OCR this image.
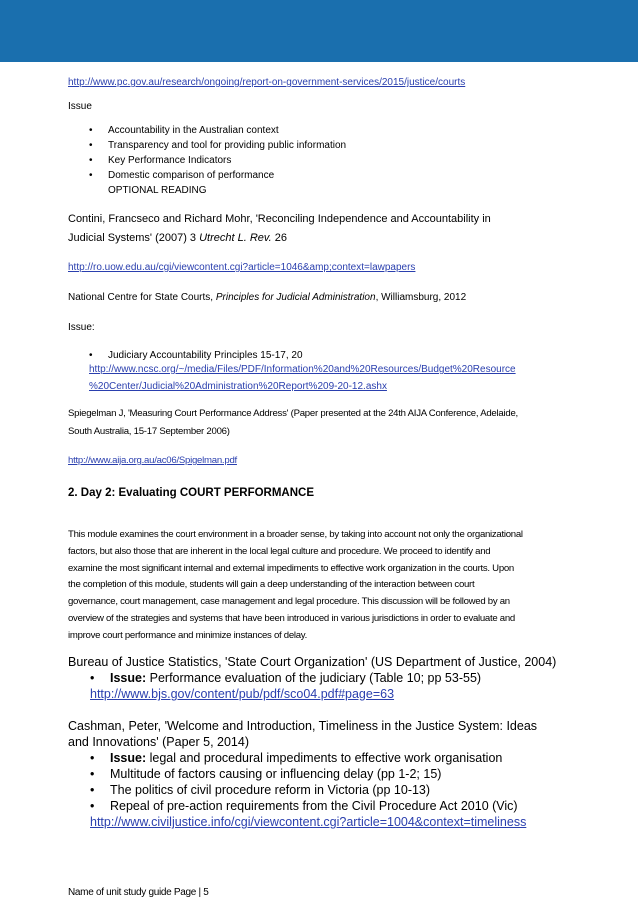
http://www.pc.gov.au/research/ongoing/report-on-government-services/2015/justice/courts
Issue
• Accountability in the Australian context
• Transparency and tool for providing public information
• Key Performance Indicators
• Domestic comparison of performance
OPTIONAL READING
Contini, Francseco and Richard Mohr, 'Reconciling Independence and Accountability in
Judicial Systems' (2007) 3 Utrecht L. Rev. 26
http://ro.uow.edu.au/cgi/viewcontent.cgi?article=1046&amp;context=lawpapers
National Centre for State Courts, Principles for Judicial Administration, Williamsburg, 2012
Issue:
• Judiciary Accountability Principles 15-17, 20
http://www.ncsc.org/~/media/Files/PDF/Information%20and%20Resources/Budget%20Resource
%20Center/Judicial%20Administration%20Report%209-20-12.ashx
Spiegelman J, 'Measuring Court Performance Address' (Paper presented at the 24th AIJA Conference, Adelaide,
South Australia, 15-17 September 2006)
http://www.aija.org.au/ac06/Spigelman.pdf
2. Day 2: Evaluating COURT PERFORMANCE
This module examines the court environment in a broader sense, by taking into account not only the organizational
factors, but also those that are inherent in the local legal culture and procedure. We proceed to identify and
examine the most significant internal and external impediments to effective work organization in the courts. Upon
the completion of this module, students will gain a deep understanding of the interaction between court
governance, court management, case management and legal procedure. This discussion will be followed by an
overview of the strategies and systems that have been introduced in various jurisdictions in order to evaluate and
improve court performance and minimize instances of delay.
Bureau of Justice Statistics, 'State Court Organization' (US Department of Justice, 2004)
• Issue: Performance evaluation of the judiciary (Table 10; pp 53-55)
http://www.bjs.gov/content/pub/pdf/sco04.pdf#page=63
Cashman, Peter, 'Welcome and Introduction, Timeliness in the Justice System: Ideas
and Innovations' (Paper 5, 2014)
• Issue: legal and procedural impediments to effective work organisation
• Multitude of factors causing or influencing delay (pp 1-2; 15)
• The politics of civil procedure reform in Victoria (pp 10-13)
• Repeal of pre-action requirements from the Civil Procedure Act 2010 (Vic)
http://www.civiljustice.info/cgi/viewcontent.cgi?article=1004&context=timeliness
Name of unit study guide Page | 5
